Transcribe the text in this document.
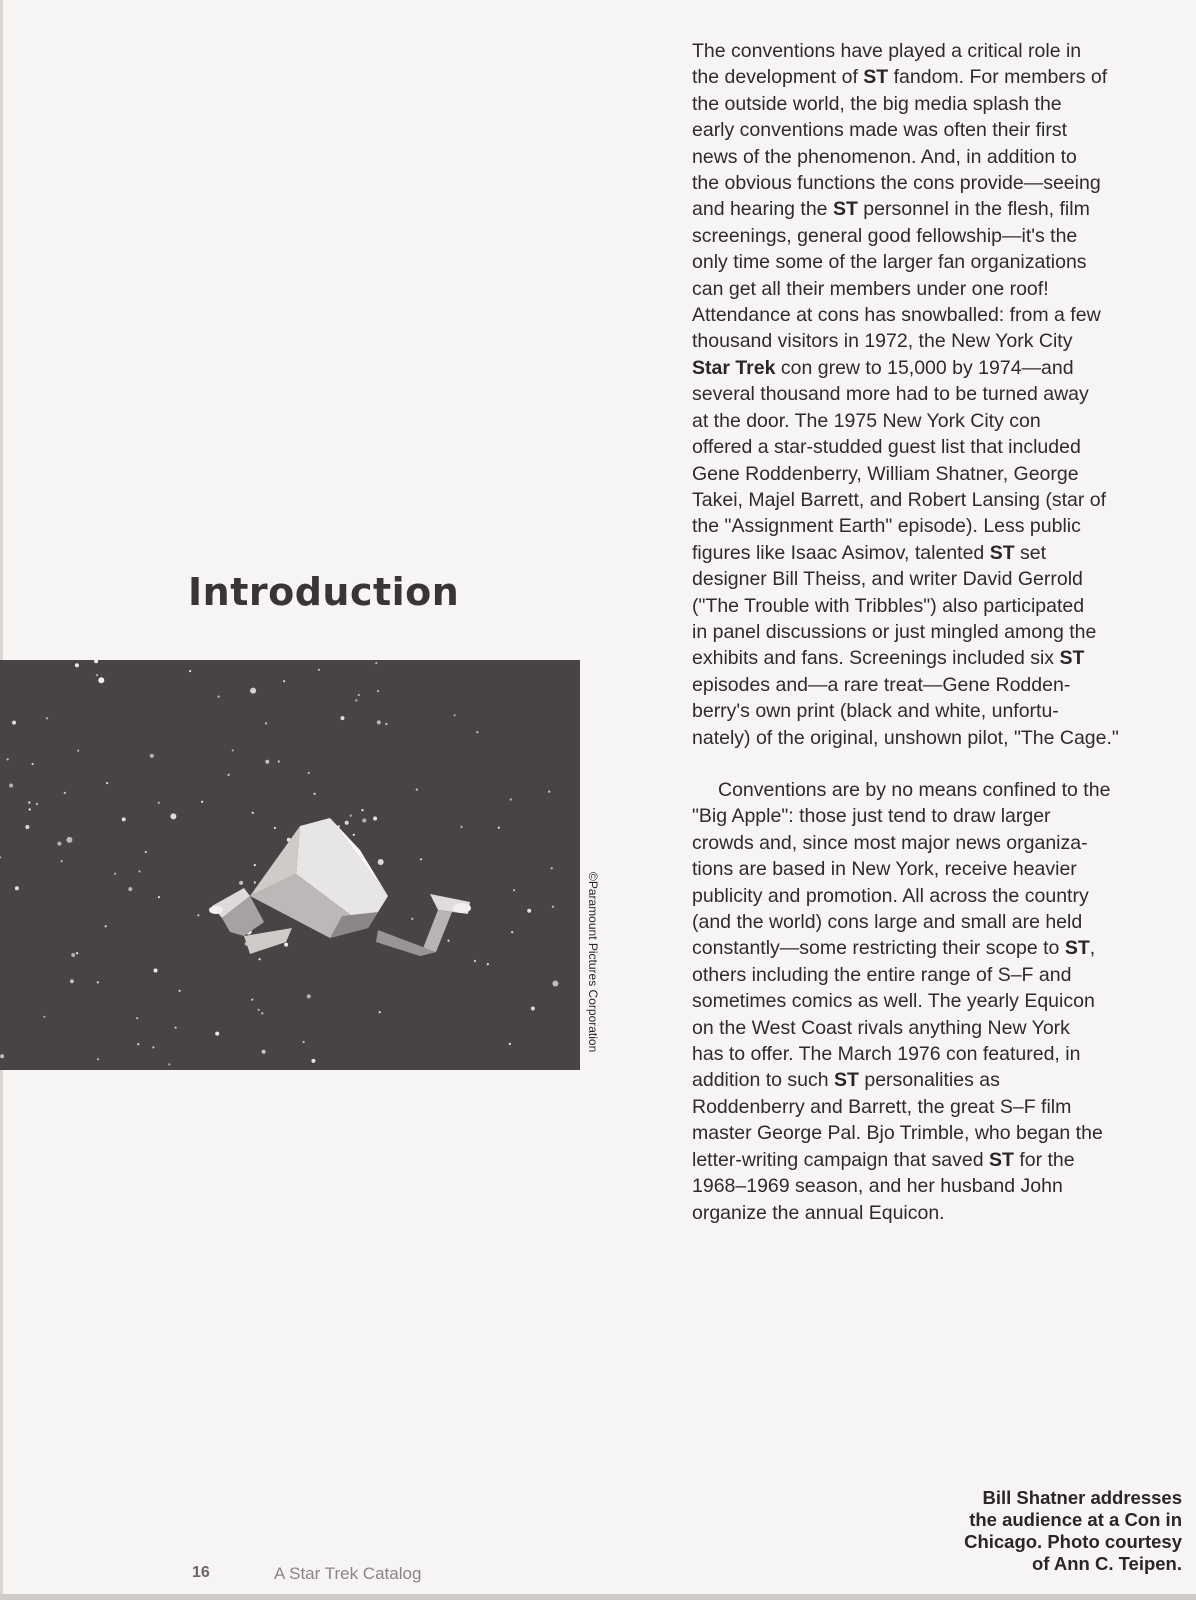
Introduction
©Paramount Pictures Corporation
The conventions have played a critical role in
the development of ST fandom. For members of
the outside world, the big media splash the
early conventions made was often their first
news of the phenomenon. And, in addition to
the obvious functions the cons provide—seeing
and hearing the ST personnel in the flesh, film
screenings, general good fellowship—it's the
only time some of the larger fan organizations
can get all their members under one roof!
Attendance at cons has snowballed: from a few
thousand visitors in 1972, the New York City
Star Trek con grew to 15,000 by 1974—and
several thousand more had to be turned away
at the door. The 1975 New York City con
offered a star-studded guest list that included
Gene Roddenberry, William Shatner, George
Takei, Majel Barrett, and Robert Lansing (star of
the "Assignment Earth" episode). Less public
figures like Isaac Asimov, talented ST set
designer Bill Theiss, and writer David Gerrold
("The Trouble with Tribbles") also participated
in panel discussions or just mingled among the
exhibits and fans. Screenings included six ST
episodes and—a rare treat—Gene Rodden-
berry's own print (black and white, unfortu-
nately) of the original, unshown pilot, "The Cage."
Conventions are by no means confined to the
"Big Apple": those just tend to draw larger
crowds and, since most major news organiza-
tions are based in New York, receive heavier
publicity and promotion. All across the country
(and the world) cons large and small are held
constantly—some restricting their scope to ST,
others including the entire range of S–F and
sometimes comics as well. The yearly Equicon
on the West Coast rivals anything New York
has to offer. The March 1976 con featured, in
addition to such ST personalities as
Roddenberry and Barrett, the great S–F film
master George Pal. Bjo Trimble, who began the
letter-writing campaign that saved ST for the
1968–1969 season, and her husband John
organize the annual Equicon.
Bill Shatner addresses
the audience at a Con in
Chicago. Photo courtesy
of Ann C. Teipen.
16	A Star Trek Catalog
